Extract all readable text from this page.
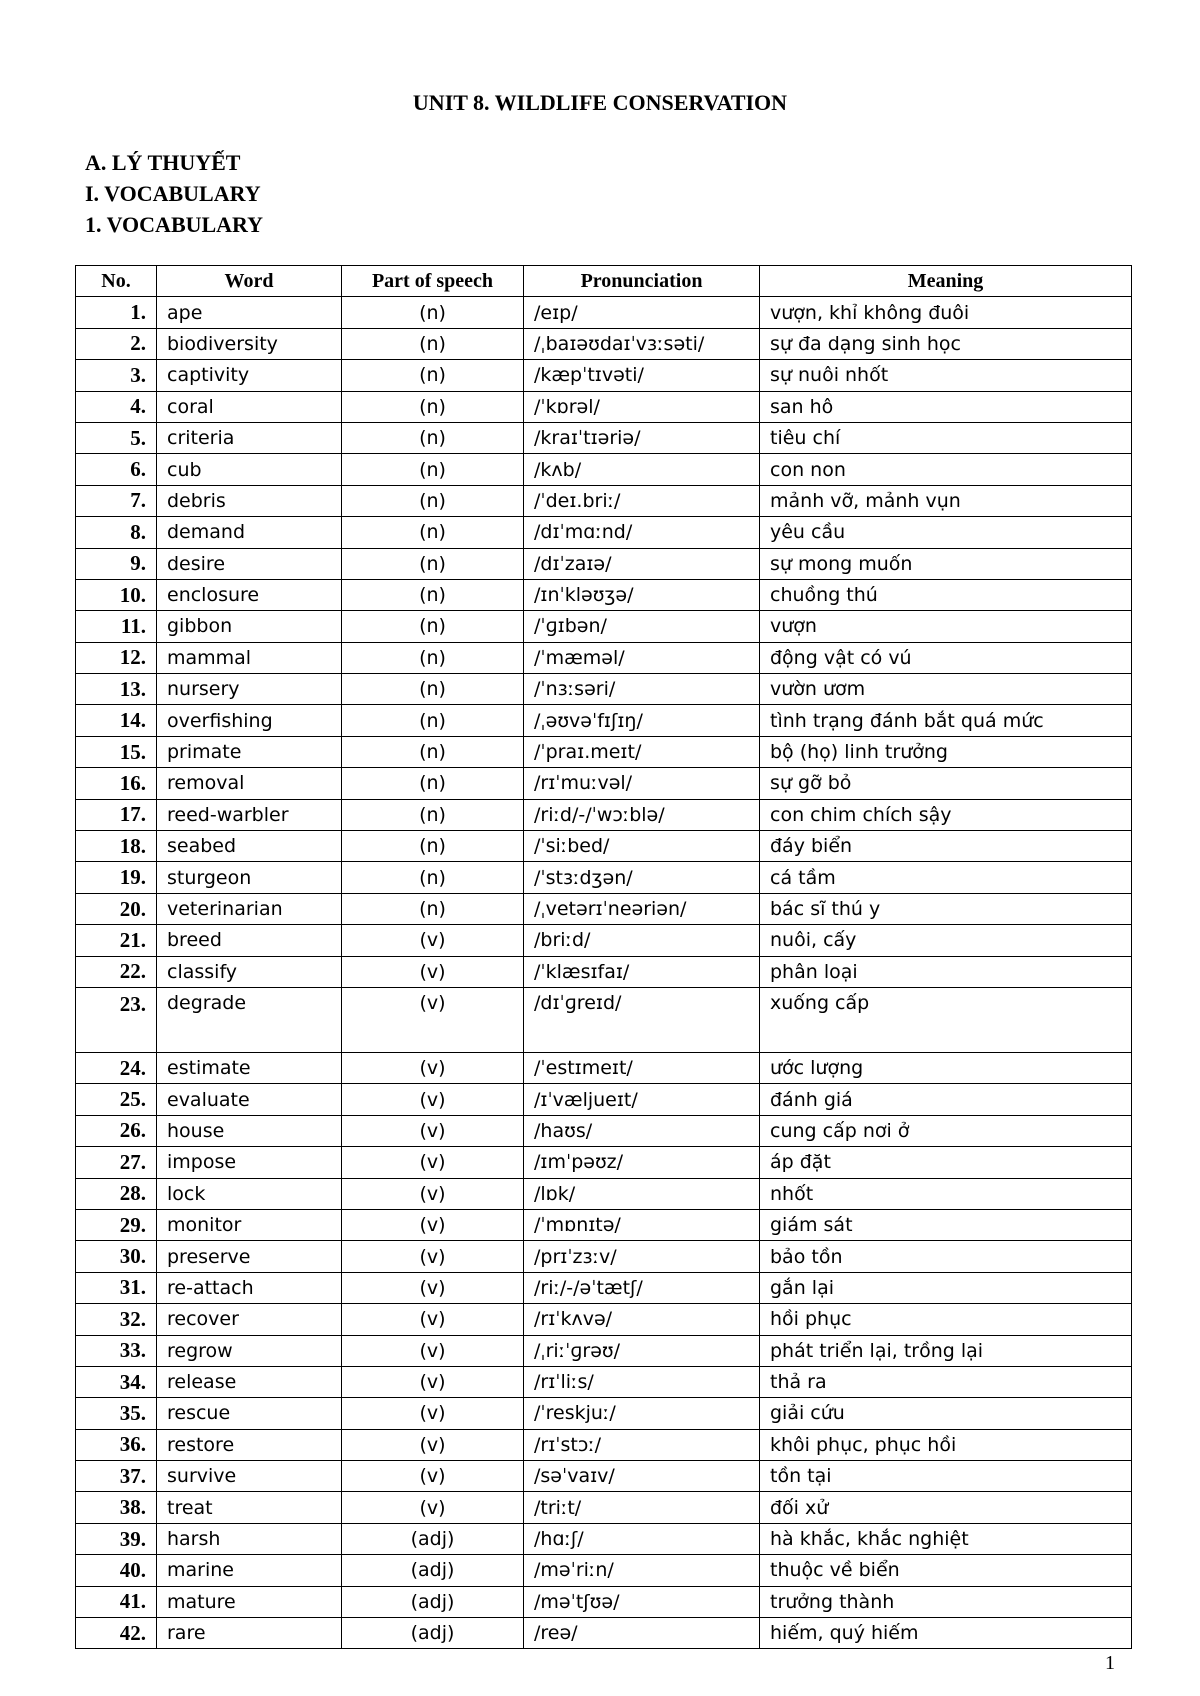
UNIT 8. WILDLIFE CONSERVATION
A. LÝ THUYẾT
I. VOCABULARY
1. VOCABULARY
No.	Word	Part of speech	Pronunciation	Meaning
1.	ape	(n)	/eɪp/	vượn, khỉ không đuôi
2.	biodiversity	(n)	/ˌbaɪəʊdaɪˈvɜːsəti/	sự đa dạng sinh học
3.	captivity	(n)	/kæpˈtɪvəti/	sự nuôi nhốt
4.	coral	(n)	/ˈkɒrəl/	san hô
5.	criteria	(n)	/kraɪˈtɪəriə/	tiêu chí
6.	cub	(n)	/kʌb/	con non
7.	debris	(n)	/ˈdeɪ.briː/	mảnh vỡ, mảnh vụn
8.	demand	(n)	/dɪˈmɑːnd/	yêu cầu
9.	desire	(n)	/dɪˈzaɪə/	sự mong muốn
10.	enclosure	(n)	/ɪnˈkləʊʒə/	chuồng thú
11.	gibbon	(n)	/ˈɡɪbən/	vượn
12.	mammal	(n)	/ˈmæməl/	động vật có vú
13.	nursery	(n)	/ˈnɜːsəri/	vườn ươm
14.	overfishing	(n)	/ˌəʊvəˈfɪʃɪŋ/	tình trạng đánh bắt quá mức
15.	primate	(n)	/ˈpraɪ.meɪt/	bộ (họ) linh trưởng
16.	removal	(n)	/rɪˈmuːvəl/	sự gỡ bỏ
17.	reed-warbler	(n)	/riːd/-/ˈwɔːblə/	con chim chích sậy
18.	seabed	(n)	/ˈsiːbed/	đáy biển
19.	sturgeon	(n)	/ˈstɜːdʒən/	cá tầm
20.	veterinarian	(n)	/ˌvetərɪˈneəriən/	bác sĩ thú y
21.	breed	(v)	/briːd/	nuôi, cấy
22.	classify	(v)	/ˈklæsɪfaɪ/	phân loại
23.	degrade	(v)	/dɪˈɡreɪd/	xuống cấp
24.	estimate	(v)	/ˈestɪmeɪt/	ước lượng
25.	evaluate	(v)	/ɪˈvæljueɪt/	đánh giá
26.	house	(v)	/haʊs/	cung cấp nơi ở
27.	impose	(v)	/ɪmˈpəʊz/	áp đặt
28.	lock	(v)	/lɒk/	nhốt
29.	monitor	(v)	/ˈmɒnɪtə/	giám sát
30.	preserve	(v)	/prɪˈzɜːv/	bảo tồn
31.	re-attach	(v)	/riː/-/əˈtætʃ/	gắn lại
32.	recover	(v)	/rɪˈkʌvə/	hồi phục
33.	regrow	(v)	/ˌriːˈɡrəʊ/	phát triển lại, trồng lại
34.	release	(v)	/rɪˈliːs/	thả ra
35.	rescue	(v)	/ˈreskjuː/	giải cứu
36.	restore	(v)	/rɪˈstɔː/	khôi phục, phục hồi
37.	survive	(v)	/səˈvaɪv/	tồn tại
38.	treat	(v)	/triːt/	đối xử
39.	harsh	(adj)	/hɑːʃ/	hà khắc, khắc nghiệt
40.	marine	(adj)	/məˈriːn/	thuộc về biển
41.	mature	(adj)	/məˈtʃʊə/	trưởng thành
42.	rare	(adj)	/reə/	hiếm, quý hiếm
1
